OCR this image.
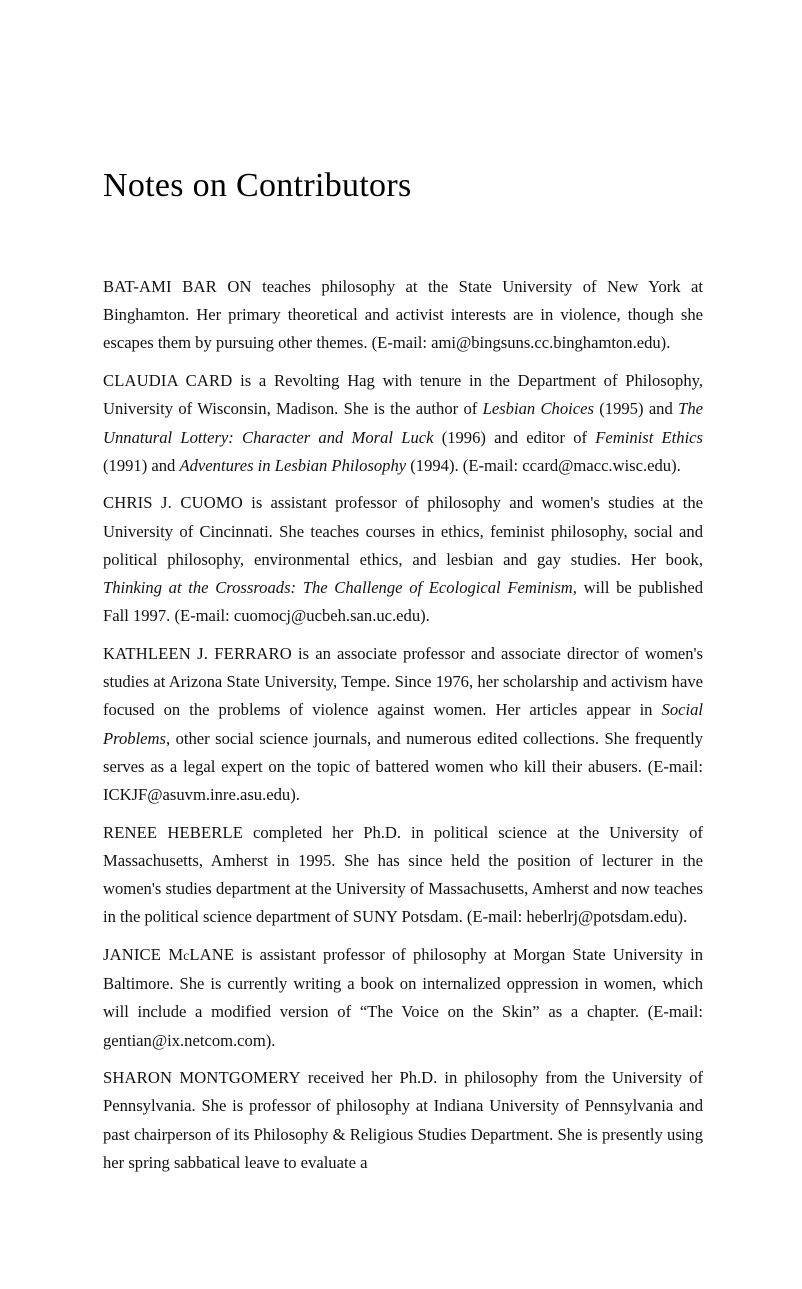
Notes on Contributors

BAT-AMI BAR ON teaches philosophy at the State University of New York at Binghamton. Her primary theoretical and activist interests are in violence, though she escapes them by pursuing other themes. (E-mail: ami@bingsuns.cc.binghamton.edu).

CLAUDIA CARD is a Revolting Hag with tenure in the Department of Philosophy, University of Wisconsin, Madison. She is the author of Lesbian Choices (1995) and The Unnatural Lottery: Character and Moral Luck (1996) and editor of Feminist Ethics (1991) and Adventures in Lesbian Philosophy (1994). (E-mail: ccard@macc.wisc.edu).

CHRIS J. CUOMO is assistant professor of philosophy and women's studies at the University of Cincinnati. She teaches courses in ethics, feminist philosophy, social and political philosophy, environmental ethics, and lesbian and gay studies. Her book, Thinking at the Crossroads: The Challenge of Ecological Feminism, will be published Fall 1997. (E-mail: cuomocj@ucbeh.san.uc.edu).

KATHLEEN J. FERRARO is an associate professor and associate director of women's studies at Arizona State University, Tempe. Since 1976, her scholarship and activism have focused on the problems of violence against women. Her articles appear in Social Problems, other social science journals, and numerous edited collections. She frequently serves as a legal expert on the topic of battered women who kill their abusers. (E-mail: ICKJF@asuvm.inre.asu.edu).

RENEE HEBERLE completed her Ph.D. in political science at the University of Massachusetts, Amherst in 1995. She has since held the position of lecturer in the women's studies department at the University of Massachusetts, Amherst and now teaches in the political science department of SUNY Potsdam. (E-mail: heberlrj@potsdam.edu).

JANICE McLANE is assistant professor of philosophy at Morgan State University in Baltimore. She is currently writing a book on internalized oppression in women, which will include a modified version of “The Voice on the Skin” as a chapter. (E-mail: gentian@ix.netcom.com).

SHARON MONTGOMERY received her Ph.D. in philosophy from the University of Pennsylvania. She is professor of philosophy at Indiana University of Pennsylvania and past chairperson of its Philosophy & Religious Studies Department. She is presently using her spring sabbatical leave to evaluate a
